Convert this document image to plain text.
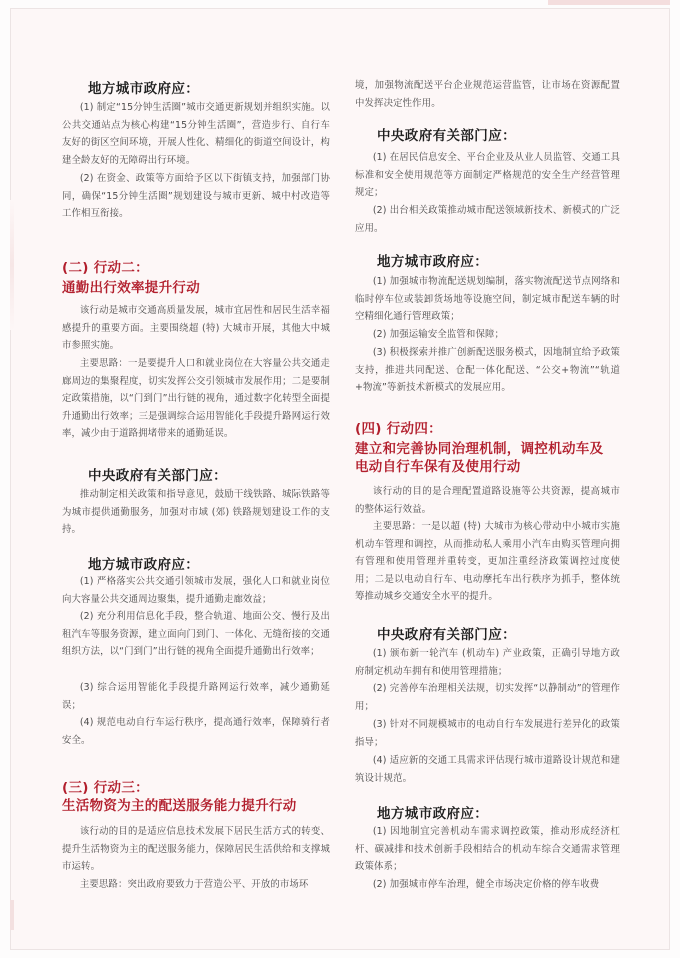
地方城市政府应：
(1) 制定“15分钟生活圈”城市交通更新规划并组织实施。以公共交通站点为核心构建“15分钟生活圈”，营造步行、自行车友好的街区空间环境，开展人性化、精细化的街道空间设计，构建全龄友好的无障碍出行环境。
(2) 在资金、政策等方面给予区以下街镇支持，加强部门协同，确保“15分钟生活圈”规划建设与城市更新、城中村改造等工作相互衔接。
(二) 行动二：
通勤出行效率提升行动
该行动是城市交通高质量发展，城市宜居性和居民生活幸福感提升的重要方面。主要围绕超 (特) 大城市开展，其他大中城市参照实施。
主要思路：一是要提升人口和就业岗位在大容量公共交通走廊周边的集聚程度，切实发挥公交引领城市发展作用；二是要制定政策措施，以“门到门”出行链的视角，通过数字化转型全面提升通勤出行效率；三是强调综合运用智能化手段提升路网运行效率，减少由于道路拥堵带来的通勤延误。
中央政府有关部门应：
推动制定相关政策和指导意见，鼓励干线铁路、城际铁路等为城市提供通勤服务，加强对市域 (郊) 铁路规划建设工作的支持。
地方城市政府应：
(1) 严格落实公共交通引领城市发展，强化人口和就业岗位向大容量公共交通周边聚集，提升通勤走廊效益；
(2) 充分利用信息化手段，整合轨道、地面公交、慢行及出租汽车等服务资源，建立面向门到门、一体化、无缝衔接的交通组织方法，以“门到门”出行链的视角全面提升通勤出行效率；
(3) 综合运用智能化手段提升路网运行效率，减少通勤延误；
(4) 规范电动自行车运行秩序，提高通行效率，保障骑行者安全。
(三) 行动三：
生活物资为主的配送服务能力提升行动
该行动的目的是适应信息技术发展下居民生活方式的转变、提升生活物资为主的配送服务能力，保障居民生活供给和支撑城市运转。
主要思路：突出政府要致力于营造公平、开放的市场环
境，加强物流配送平台企业规范运营监管，让市场在资源配置中发挥决定性作用。
中央政府有关部门应：
(1) 在居民信息安全、平台企业及从业人员监管、交通工具标准和安全使用规范等方面制定严格规范的安全生产经营管理规定；
(2) 出台相关政策推动城市配送领域新技术、新模式的广泛应用。
地方城市政府应：
(1) 加强城市物流配送规划编制，落实物流配送节点网络和临时停车位或装卸货场地等设施空间，制定城市配送车辆的时空精细化通行管理政策；
(2) 加强运输安全监管和保障；
(3) 积极探索并推广创新配送服务模式，因地制宜给予政策支持，推进共同配送、仓配一体化配送、“公交+物流”“轨道+物流”等新技术新模式的发展应用。
(四) 行动四：
建立和完善协同治理机制，调控机动车及
电动自行车保有及使用行动
该行动的目的是合理配置道路设施等公共资源，提高城市的整体运行效益。
主要思路：一是以超 (特) 大城市为核心带动中小城市实施机动车管理和调控，从而推动私人乘用小汽车由购买管理向拥有管理和使用管理并重转变，更加注重经济政策调控过度使用；二是以电动自行车、电动摩托车出行秩序为抓手，整体统筹推动城乡交通安全水平的提升。
中央政府有关部门应：
(1) 颁布新一轮汽车 (机动车) 产业政策，正确引导地方政府制定机动车拥有和使用管理措施；
(2) 完善停车治理相关法规，切实发挥“以静制动”的管理作用；
(3) 针对不同规模城市的电动自行车发展进行差异化的政策指导；
(4) 适应新的交通工具需求评估现行城市道路设计规范和建筑设计规范。
地方城市政府应：
(1) 因地制宜完善机动车需求调控政策，推动形成经济杠杆、碳减排和技术创新手段相结合的机动车综合交通需求管理政策体系；
(2) 加强城市停车治理，健全市场决定价格的停车收费
